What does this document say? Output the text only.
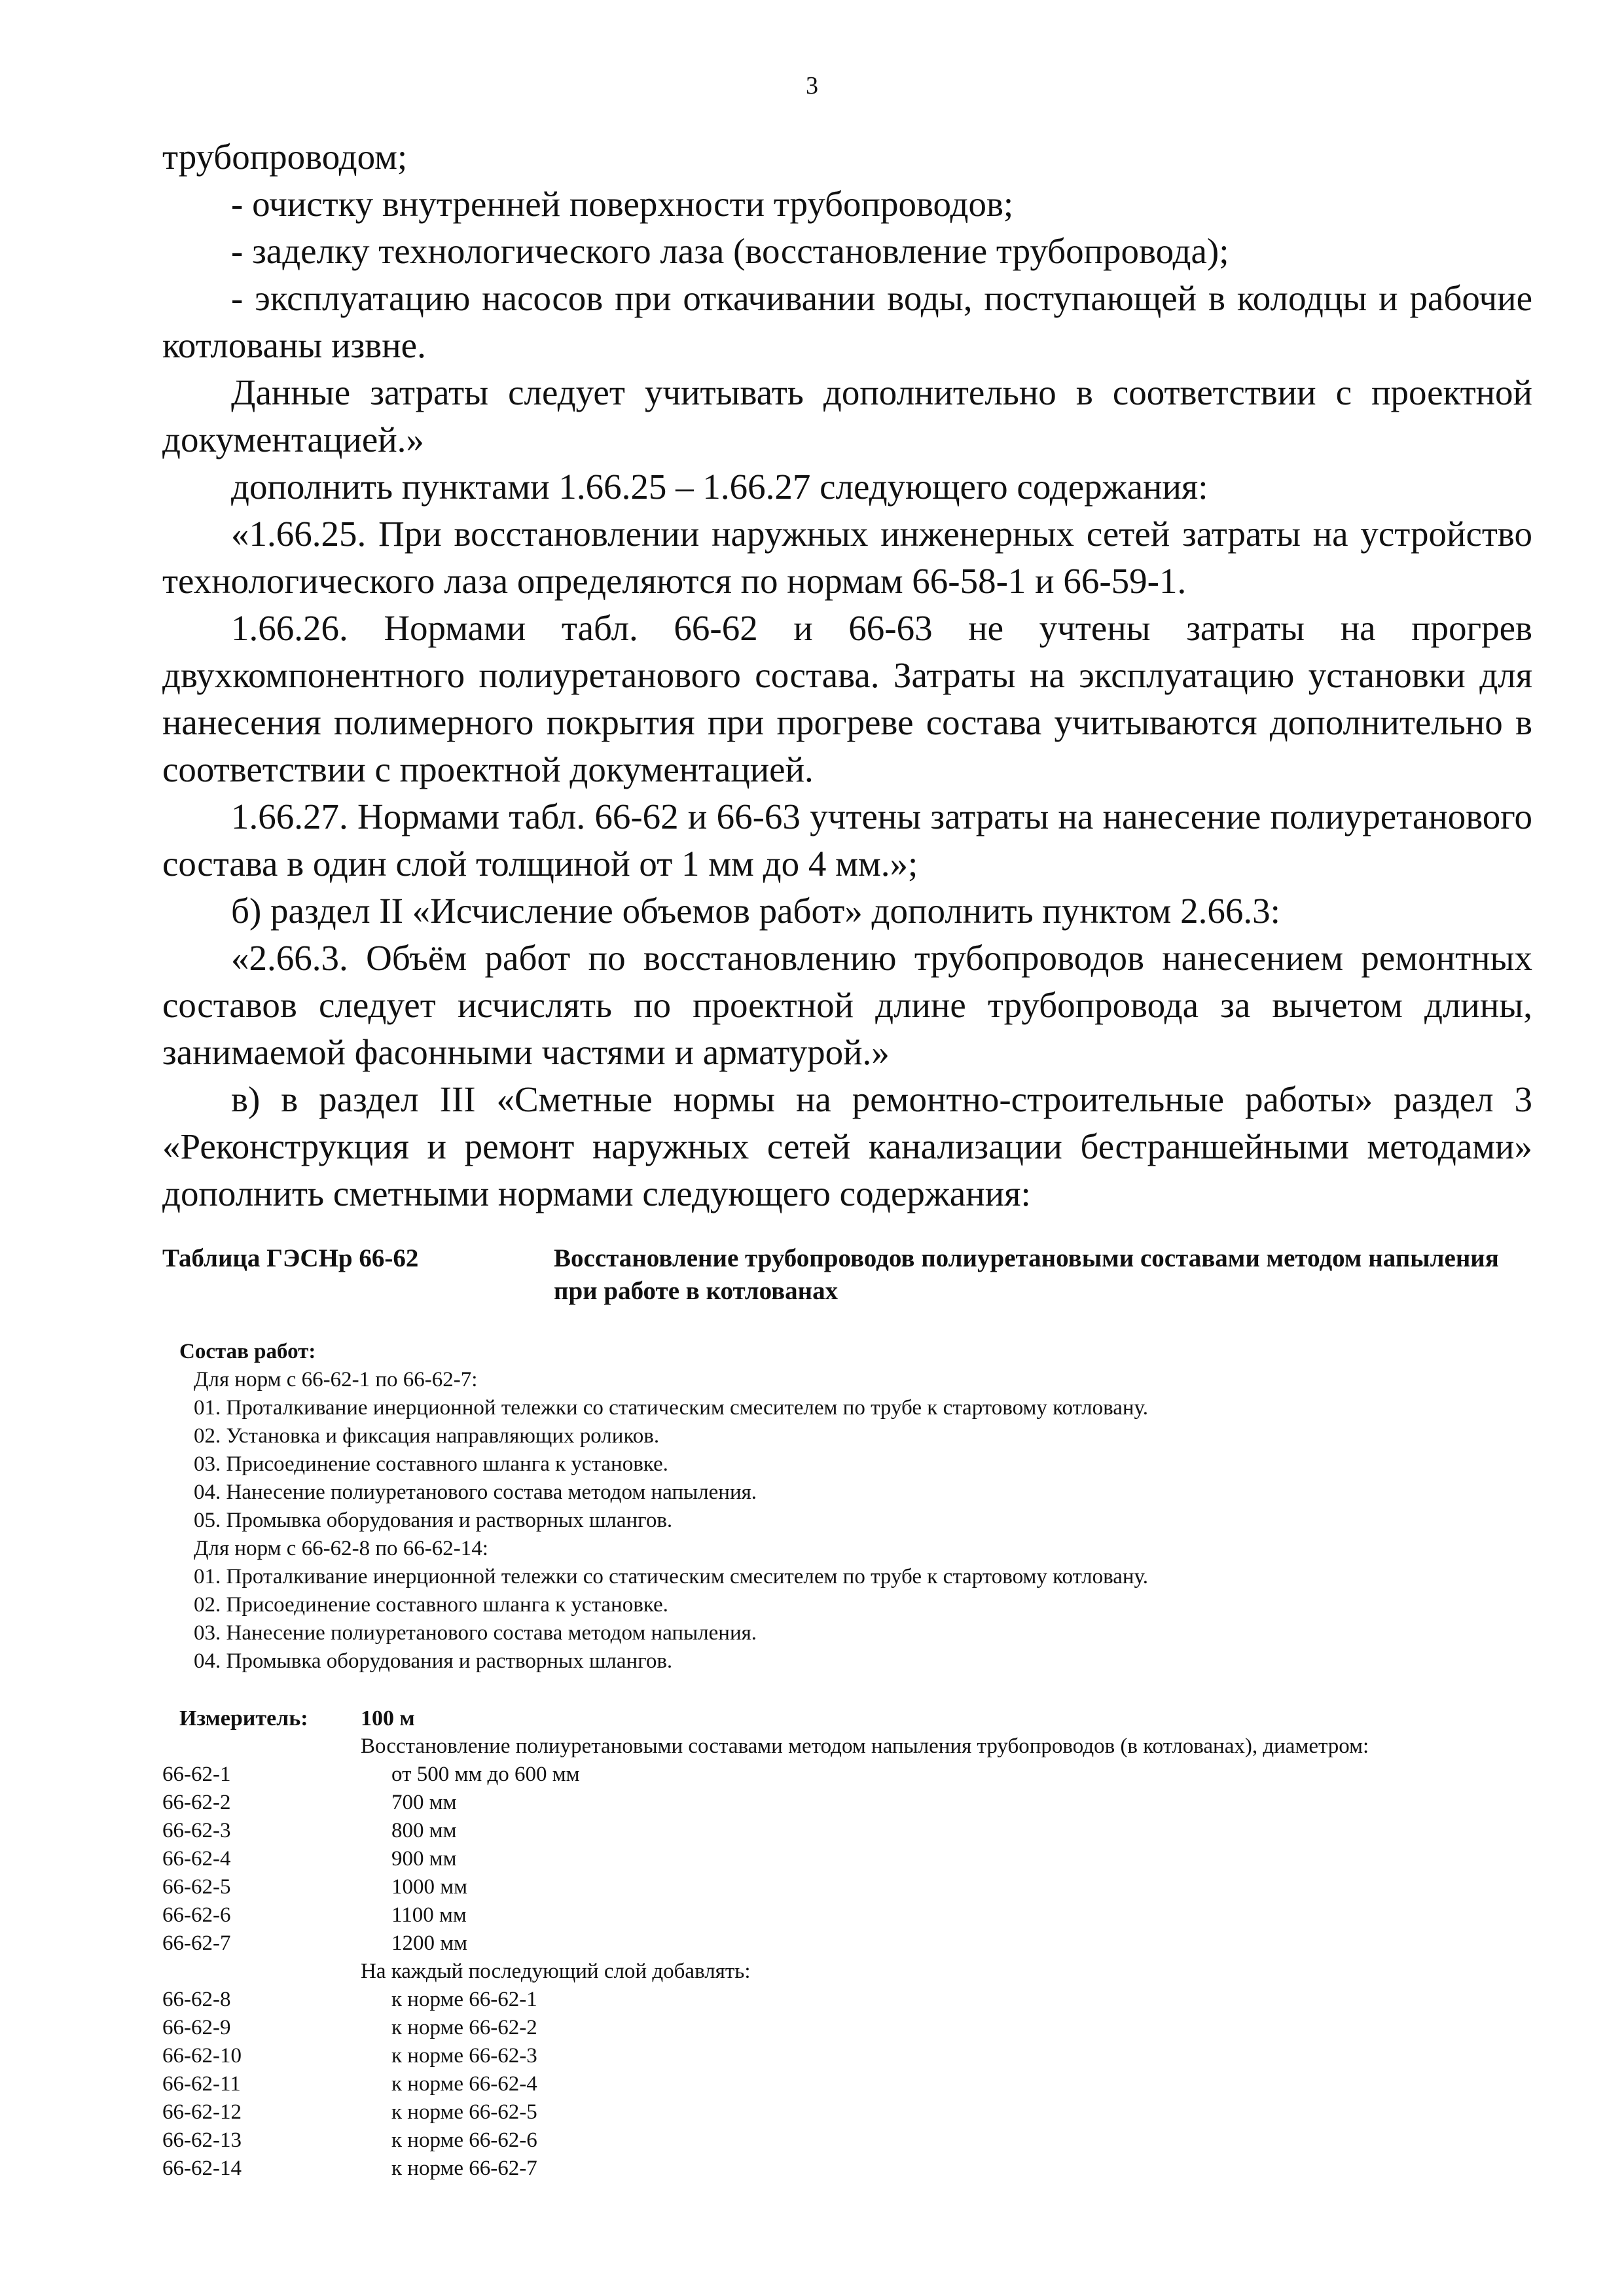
3

трубопроводом;

- очистку внутренней поверхности трубопроводов;

- заделку технологического лаза (восстановление трубопровода);

- эксплуатацию насосов при откачивании воды, поступающей в колодцы и рабочие котлованы извне.

Данные затраты следует учитывать дополнительно в соответствии с проектной документацией.»

дополнить пунктами 1.66.25 – 1.66.27 следующего содержания:

«1.66.25. При восстановлении наружных инженерных сетей затраты на устройство технологического лаза определяются по нормам 66-58-1 и 66-59-1.

1.66.26. Нормами табл. 66-62 и 66-63 не учтены затраты на прогрев двухкомпонентного полиуретанового состава. Затраты на эксплуатацию установки для нанесения полимерного покрытия при прогреве состава учитываются дополнительно в соответствии с проектной документацией.

1.66.27. Нормами табл. 66-62 и 66-63 учтены затраты на нанесение полиуретанового состава в один слой толщиной от 1 мм до 4 мм.»;

б) раздел II «Исчисление объемов работ» дополнить пунктом 2.66.3:

«2.66.3. Объём работ по восстановлению трубопроводов нанесением ремонтных составов следует исчислять по проектной длине трубопровода за вычетом длины, занимаемой фасонными частями и арматурой.»

в) в раздел III «Сметные нормы на ремонтно-строительные работы» раздел 3 «Реконструкция и ремонт наружных сетей канализации бестраншейными методами» дополнить сметными нормами следующего содержания:

Таблица ГЭСНр 66-62	Восстановление трубопроводов полиуретановыми составами методом напыления при работе в котлованах
Состав работ:
Для норм с 66-62-1 по 66-62-7:
01. Проталкивание инерционной тележки со статическим смесителем по трубе к стартовому котловану.
02. Установка и фиксация направляющих роликов.
03. Присоединение составного шланга к установке.
04. Нанесение полиуретанового состава методом напыления.
05. Промывка оборудования и растворных шлангов.
Для норм с 66-62-8 по 66-62-14:
01. Проталкивание инерционной тележки со статическим смесителем по трубе к стартовому котловану.
02. Присоединение составного шланга к установке.
03. Нанесение полиуретанового состава методом напыления.
04. Промывка оборудования и растворных шлангов.
Измеритель: 100 м
Восстановление полиуретановыми составами методом напыления трубопроводов (в котлованах), диаметром:
66-62-1	от 500 мм до 600 мм
66-62-2	700 мм
66-62-3	800 мм
66-62-4	900 мм
66-62-5	1000 мм
66-62-6	1100 мм
66-62-7	1200 мм
На каждый последующий слой добавлять:
66-62-8	к норме 66-62-1
66-62-9	к норме 66-62-2
66-62-10	к норме 66-62-3
66-62-11	к норме 66-62-4
66-62-12	к норме 66-62-5
66-62-13	к норме 66-62-6
66-62-14	к норме 66-62-7
